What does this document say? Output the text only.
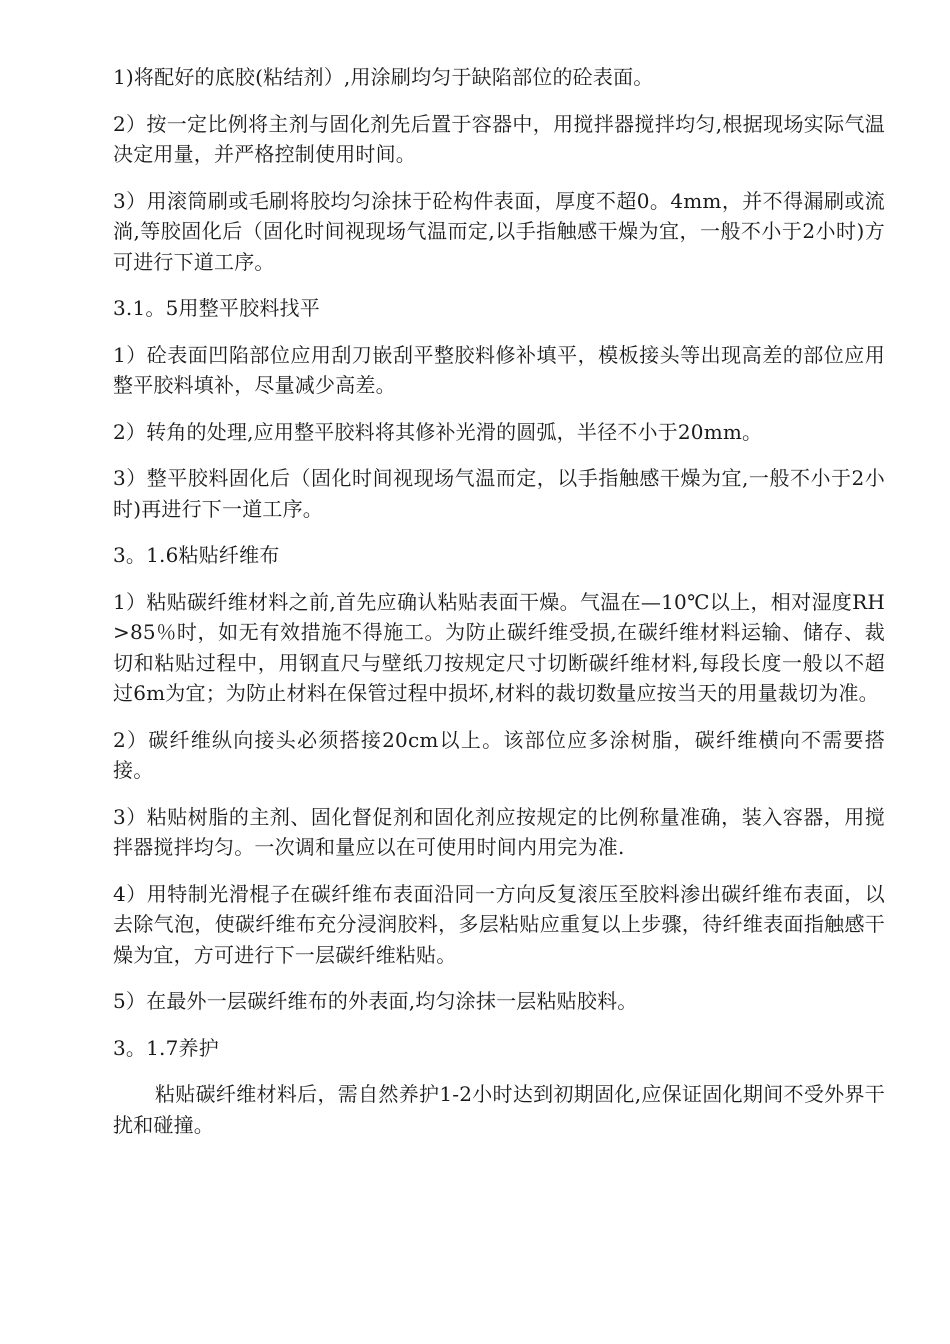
1)将配好的底胶(粘结剂）,用涂刷均匀于缺陷部位的砼表面。

2）按一定比例将主剂与固化剂先后置于容器中，用搅拌器搅拌均匀,根据现场实际气温决定用量，并严格控制使用时间。

3）用滚筒刷或毛刷将胶均匀涂抹于砼构件表面，厚度不超0。4mm，并不得漏刷或流淌,等胶固化后（固化时间视现场气温而定,以手指触感干燥为宜，一般不小于2小时)方可进行下道工序。

3.1。5用整平胶料找平

1）砼表面凹陷部位应用刮刀嵌刮平整胶料修补填平，模板接头等出现高差的部位应用整平胶料填补，尽量减少高差。

2）转角的处理,应用整平胶料将其修补光滑的圆弧，半径不小于20mm。

3）整平胶料固化后（固化时间视现场气温而定，以手指触感干燥为宜,一般不小于2小时)再进行下一道工序。

3。1.6粘贴纤维布

1）粘贴碳纤维材料之前,首先应确认粘贴表面干燥。气温在—10℃以上，相对湿度RH>85％时，如无有效措施不得施工。为防止碳纤维受损,在碳纤维材料运输、储存、裁切和粘贴过程中，用钢直尺与壁纸刀按规定尺寸切断碳纤维材料,每段长度一般以不超过6m为宜；为防止材料在保管过程中损坏,材料的裁切数量应按当天的用量裁切为准。

2）碳纤维纵向接头必须搭接20cm以上。该部位应多涂树脂，碳纤维横向不需要搭接。

3）粘贴树脂的主剂、固化督促剂和固化剂应按规定的比例称量准确，装入容器，用搅拌器搅拌均匀。一次调和量应以在可使用时间内用完为准.

4）用特制光滑棍子在碳纤维布表面沿同一方向反复滚压至胶料渗出碳纤维布表面，以去除气泡，使碳纤维布充分浸润胶料，多层粘贴应重复以上步骤，待纤维表面指触感干燥为宜，方可进行下一层碳纤维粘贴。

5）在最外一层碳纤维布的外表面,均匀涂抹一层粘贴胶料。

3。1.7养护

粘贴碳纤维材料后，需自然养护1-2小时达到初期固化,应保证固化期间不受外界干扰和碰撞。
